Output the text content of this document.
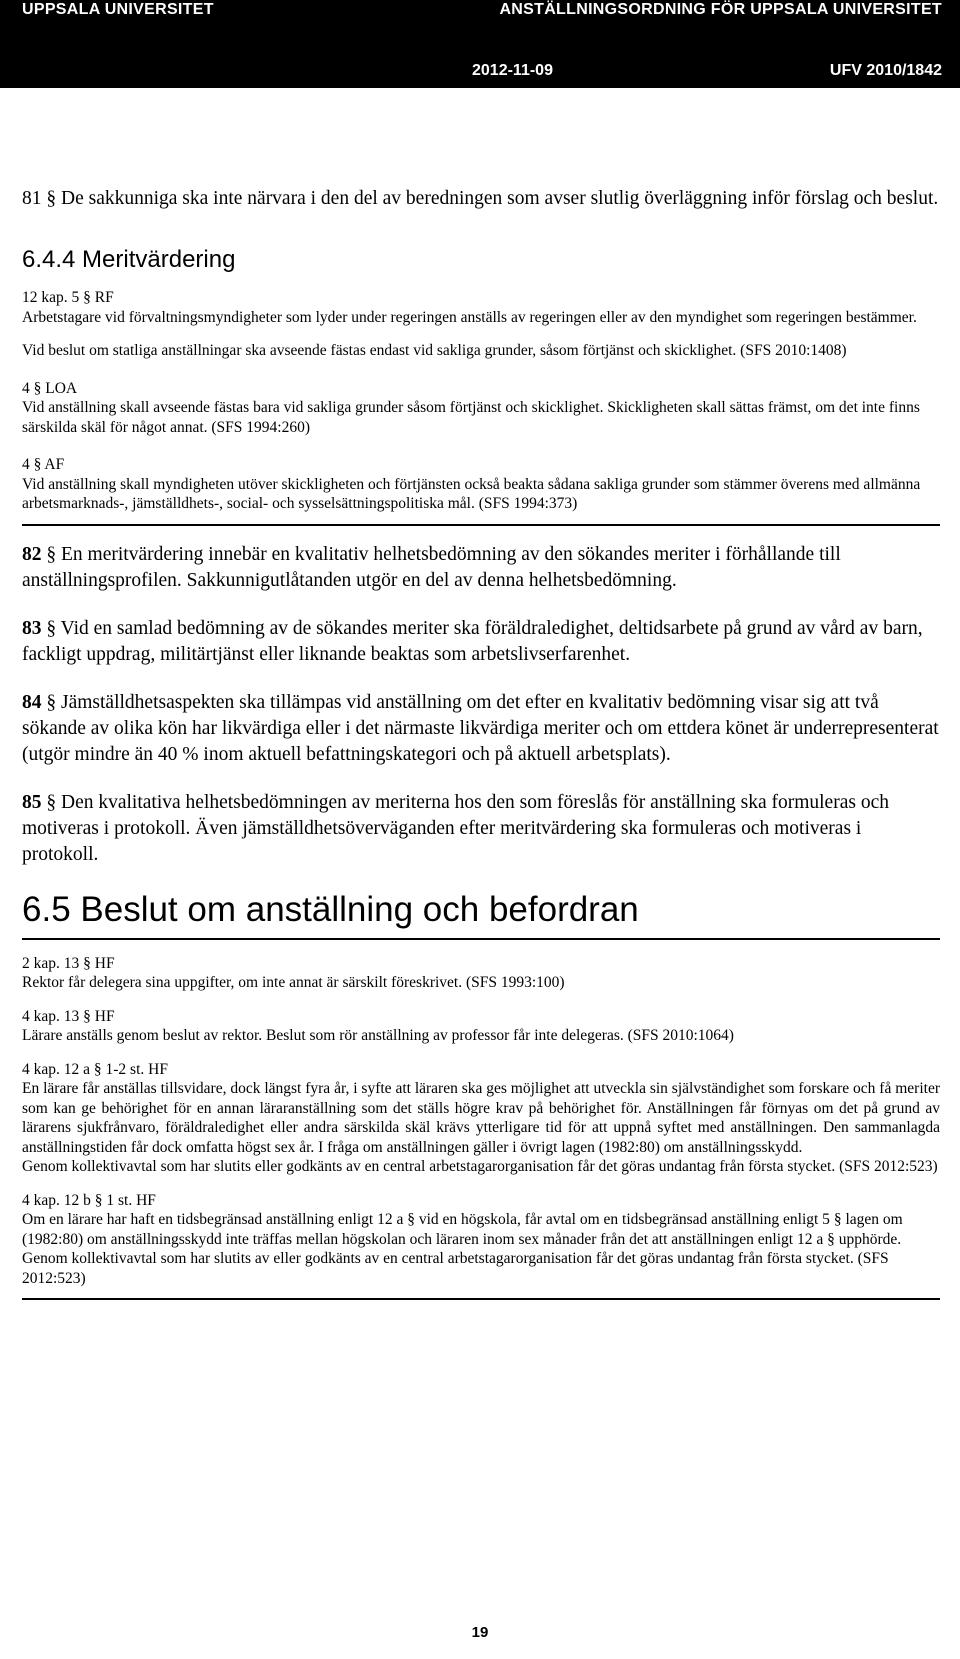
UPPSALA UNIVERSITET	ANSTÄLLNINGSORDNING FÖR UPPSALA UNIVERSITET
2012-11-09	UFV 2010/1842

81 § De sakkunniga ska inte närvara i den del av beredningen som avser slutlig överläggning inför förslag och beslut.

6.4.4 Meritvärdering

12 kap. 5 § RF

Arbetstagare vid förvaltningsmyndigheter som lyder under regeringen anställs av regeringen eller av den myndighet som regeringen bestämmer.

Vid beslut om statliga anställningar ska avseende fästas endast vid sakliga grunder, såsom förtjänst och skicklighet. (SFS 2010:1408)

4 § LOA

Vid anställning skall avseende fästas bara vid sakliga grunder såsom förtjänst och skicklighet. Skickligheten skall sättas främst, om det inte finns särskilda skäl för något annat. (SFS 1994:260)

4 § AF

Vid anställning skall myndigheten utöver skickligheten och förtjänsten också beakta sådana sakliga grunder som stämmer överens med allmänna arbetsmarknads-, jämställdhets-, social- och sysselsättningspolitiska mål. (SFS 1994:373)

82 § En meritvärdering innebär en kvalitativ helhetsbedömning av den sökandes meriter i förhållande till anställningsprofilen. Sakkunnigutlåtanden utgör en del av denna helhetsbedömning.

83 § Vid en samlad bedömning av de sökandes meriter ska föräldraledighet, deltidsarbete på grund av vård av barn, fackligt uppdrag, militärtjänst eller liknande beaktas som arbetslivserfarenhet.

84 § Jämställdhetsaspekten ska tillämpas vid anställning om det efter en kvalitativ bedömning visar sig att två sökande av olika kön har likvärdiga eller i det närmaste likvärdiga meriter och om ettdera könet är underrepresenterat (utgör mindre än 40 % inom aktuell befattningskategori och på aktuell arbetsplats).

85 § Den kvalitativa helhetsbedömningen av meriterna hos den som föreslås för anställning ska formuleras och motiveras i protokoll. Även jämställdhetsöverväganden efter meritvärdering ska formuleras och motiveras i protokoll.

6.5 Beslut om anställning och befordran

2 kap. 13 § HF

Rektor får delegera sina uppgifter, om inte annat är särskilt föreskrivet. (SFS 1993:100)

4 kap. 13 § HF

Lärare anställs genom beslut av rektor. Beslut som rör anställning av professor får inte delegeras. (SFS 2010:1064)

4 kap. 12 a § 1-2 st. HF

En lärare får anställas tillsvidare, dock längst fyra år, i syfte att läraren ska ges möjlighet att utveckla sin självständighet som forskare och få meriter som kan ge behörighet för en annan läraranställning som det ställs högre krav på behörighet för. Anställningen får förnyas om det på grund av lärarens sjukfrånvaro, föräldraledighet eller andra särskilda skäl krävs ytterligare tid för att uppnå syftet med anställningen. Den sammanlagda anställningstiden får dock omfatta högst sex år. I fråga om anställningen gäller i övrigt lagen (1982:80) om anställningsskydd.

Genom kollektivavtal som har slutits eller godkänts av en central arbetstagarorganisation får det göras undantag från första stycket. (SFS 2012:523)

4 kap. 12 b § 1 st. HF

Om en lärare har haft en tidsbegränsad anställning enligt 12 a § vid en högskola, får avtal om en tidsbegränsad anställning enligt 5 § lagen om (1982:80) om anställningsskydd inte träffas mellan högskolan och läraren inom sex månader från det att anställningen enligt 12 a § upphörde.

Genom kollektivavtal som har slutits av eller godkänts av en central arbetstagarorganisation får det göras undantag från första stycket. (SFS 2012:523)

19
